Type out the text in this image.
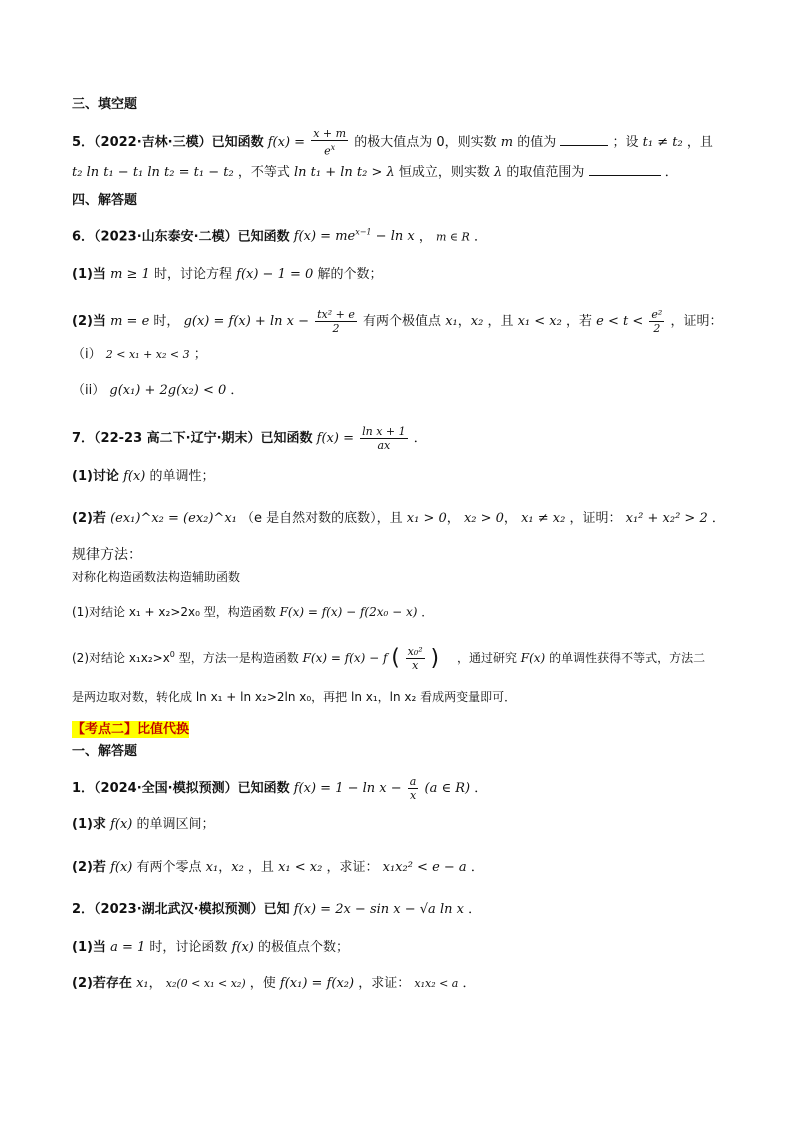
三、填空题
5．（2022·吉林·三模）已知函数 $f(x) = \frac{x + m}{e^x}$ 的极大值点为 0，则实数 m 的值为	；设 t₁ ≠ t₂ ，且
t₂ ln t₁ − t₁ ln t₂ = t₁ − t₂ ，不等式 ln t₁ + ln t₂ > λ 恒成立，则实数 λ 的取值范围为	．
四、解答题
6．（2023·山东泰安·二模）已知函数 $f(x) = me^{x-1} - \ln x$ ， m ∈ R ．
(1)当 m ≥ 1 时，讨论方程 f(x) − 1 = 0 解的个数；
(2)当 m = e 时， $g(x) = f(x) + \ln x - \frac{\text{tx² + e}}{2}$ 有两个极值点 x₁，x₂ ，且 x₁ < x₂ ，若 $e < t < \frac{\text{e²}}{2}$ ，证明：
（i） 2 < x₁ + x₂ < 3 ；
（ii） g(x₁) + 2g(x₂) < 0 ．
7．（22-23 高二下·辽宁·期末）已知函数 $f(x) = \frac{\text{ln x + 1}}{ax}$ ．
(1)讨论 f(x) 的单调性；
(2)若 (ex₁)^x₂ = (ex₂)^x₁ （e 是自然对数的底数），且 x₁ > 0， x₂ > 0， x₁ ≠ x₂ ，证明： x₁² + x₂² > 2 ．
规律方法：
对称化构造函数法构造辅助函数
(1)对结论 x₁ + x₂>2x₀ 型，构造函数 F(x) = f(x) − f(2x₀ − x) ．
(2)对结论 $x_1x_2>x^0$ 型，方法一是构造函数 F(x) = f(x) − f ( $\frac{\text{x₀²}}{x}$ ) ，通过研究 F(x) 的单调性获得不等式，方法二
是两边取对数，转化成 ln x₁ + ln x₂>2ln x₀，再把 ln x₁，ln x₂ 看成两变量即可．
【考点二】比值代换
一、解答题
1．（2024·全国·模拟预测）已知函数 $f(x) = 1 - \ln x - \frac{a}{x} (a$ ∈ R) ．
(1)求 f(x) 的单调区间；
(2)若 f(x) 有两个零点 x₁，x₂ ，且 x₁ < x₂ ，求证： x₁x₂² < e − a ．
2．（2023·湖北武汉·模拟预测）已知 f(x) = 2x − sin x − √a ln x ．
(1)当 a = 1 时，讨论函数 f(x) 的极值点个数；
(2)若存在 x₁， x₂(0 < x₁ < x₂) ，使 f(x₁) = f(x₂) ，求证： x₁x₂ < a ．
